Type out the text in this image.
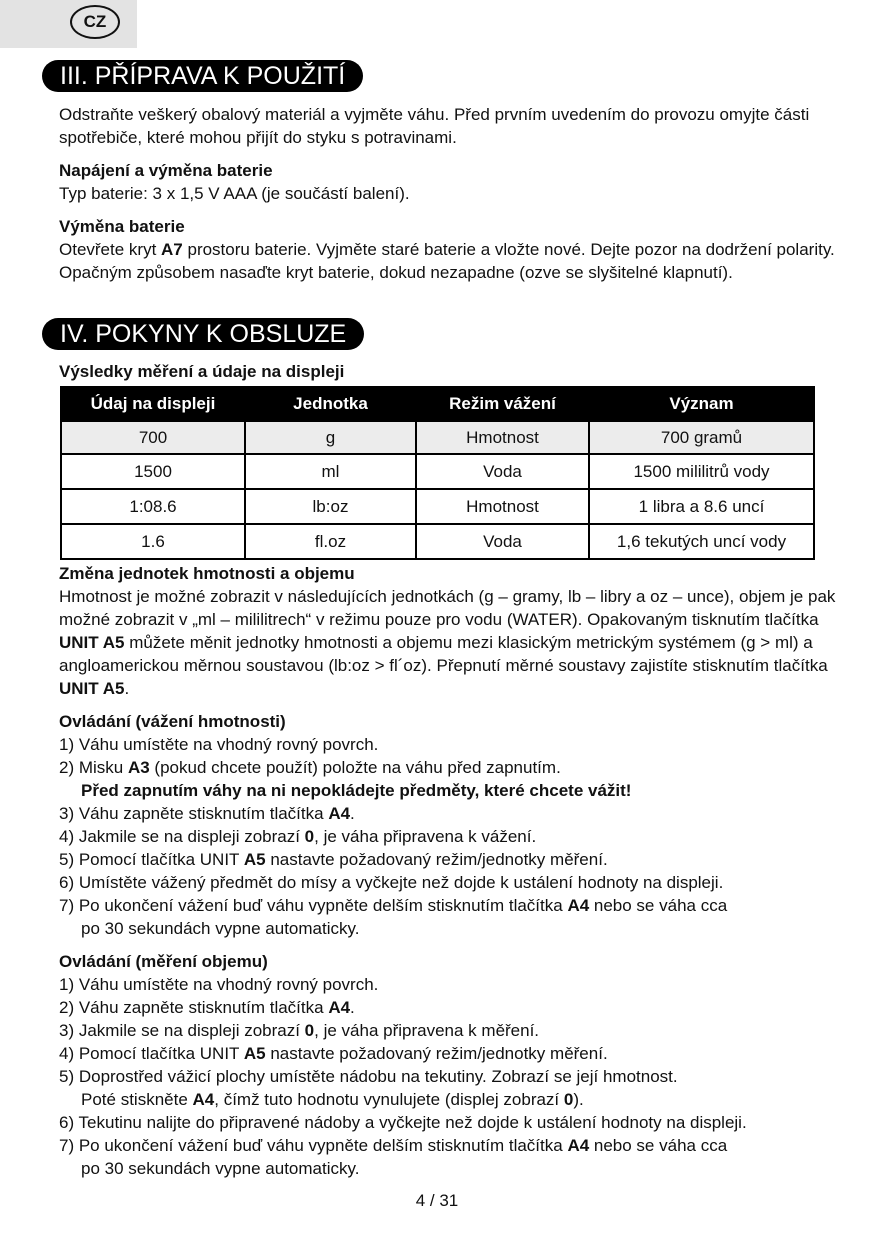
CZ
III. PŘÍPRAVA K POUŽITÍ

Odstraňte veškerý obalový materiál a vyjměte váhu. Před prvním uvedením do provozu omyjte části spotřebiče, které mohou přijít do styku s potravinami.

Napájení a výměna baterie

Typ baterie: 3 x 1,5 V AAA (je součástí balení).

Výměna baterie

Otevřete kryt A7 prostoru baterie. Vyjměte staré baterie a vložte nové. Dejte pozor na dodržení polarity. Opačným způsobem nasaďte kryt baterie, dokud nezapadne (ozve se slyšitelné klapnutí).

IV. POKYNY K OBSLUZE

Výsledky měření a údaje na displeji

Údaj na displeji	Jednotka	Režim vážení	Význam
700	g	Hmotnost	700 gramů
1500	ml	Voda	1500 mililitrů vody
1:08.6	lb:oz	Hmotnost	1 libra a 8.6 uncí
1.6	fl.oz	Voda	1,6 tekutých uncí vody

Změna jednotek hmotnosti a objemu

Hmotnost je možné zobrazit v následujících jednotkách (g – gramy, lb – libry a oz – unce), objem je pak možné zobrazit v „ml – mililitrech“ v režimu pouze pro vodu (WATER). Opakovaným tisknutím tlačítka UNIT A5 můžete měnit jednotky hmotnosti a objemu mezi klasickým metrickým systémem (g > ml) a angloamerickou měrnou soustavou (lb:oz > fl´oz). Přepnutí měrné soustavy zajistíte stisknutím tlačítka UNIT A5.

Ovládání (vážení hmotnosti)

1) Váhu umístěte na vhodný rovný povrch.

2) Misku A3 (pokud chcete použít) položte na váhu před zapnutím.

Před zapnutím váhy na ni nepokládejte předměty, které chcete vážit!

3) Váhu zapněte stisknutím tlačítka A4.

4) Jakmile se na displeji zobrazí 0, je váha připravena k vážení.

5) Pomocí tlačítka UNIT A5 nastavte požadovaný režim/jednotky měření.

6) Umístěte vážený předmět do mísy a vyčkejte než dojde k ustálení hodnoty na displeji.

7) Po ukončení vážení buď váhu vypněte delším stisknutím tlačítka A4 nebo se váha cca

po 30 sekundách vypne automaticky.

Ovládání (měření objemu)

1) Váhu umístěte na vhodný rovný povrch.

2) Váhu zapněte stisknutím tlačítka A4.

3) Jakmile se na displeji zobrazí 0, je váha připravena k měření.

4) Pomocí tlačítka UNIT A5 nastavte požadovaný režim/jednotky měření.

5) Doprostřed vážicí plochy umístěte nádobu na tekutiny. Zobrazí se její hmotnost.

Poté stiskněte A4, čímž tuto hodnotu vynulujete (displej zobrazí 0).

6) Tekutinu nalijte do připravené nádoby a vyčkejte než dojde k ustálení hodnoty na displeji.

7) Po ukončení vážení buď váhu vypněte delším stisknutím tlačítka A4 nebo se váha cca

po 30 sekundách vypne automaticky.

4 / 31
